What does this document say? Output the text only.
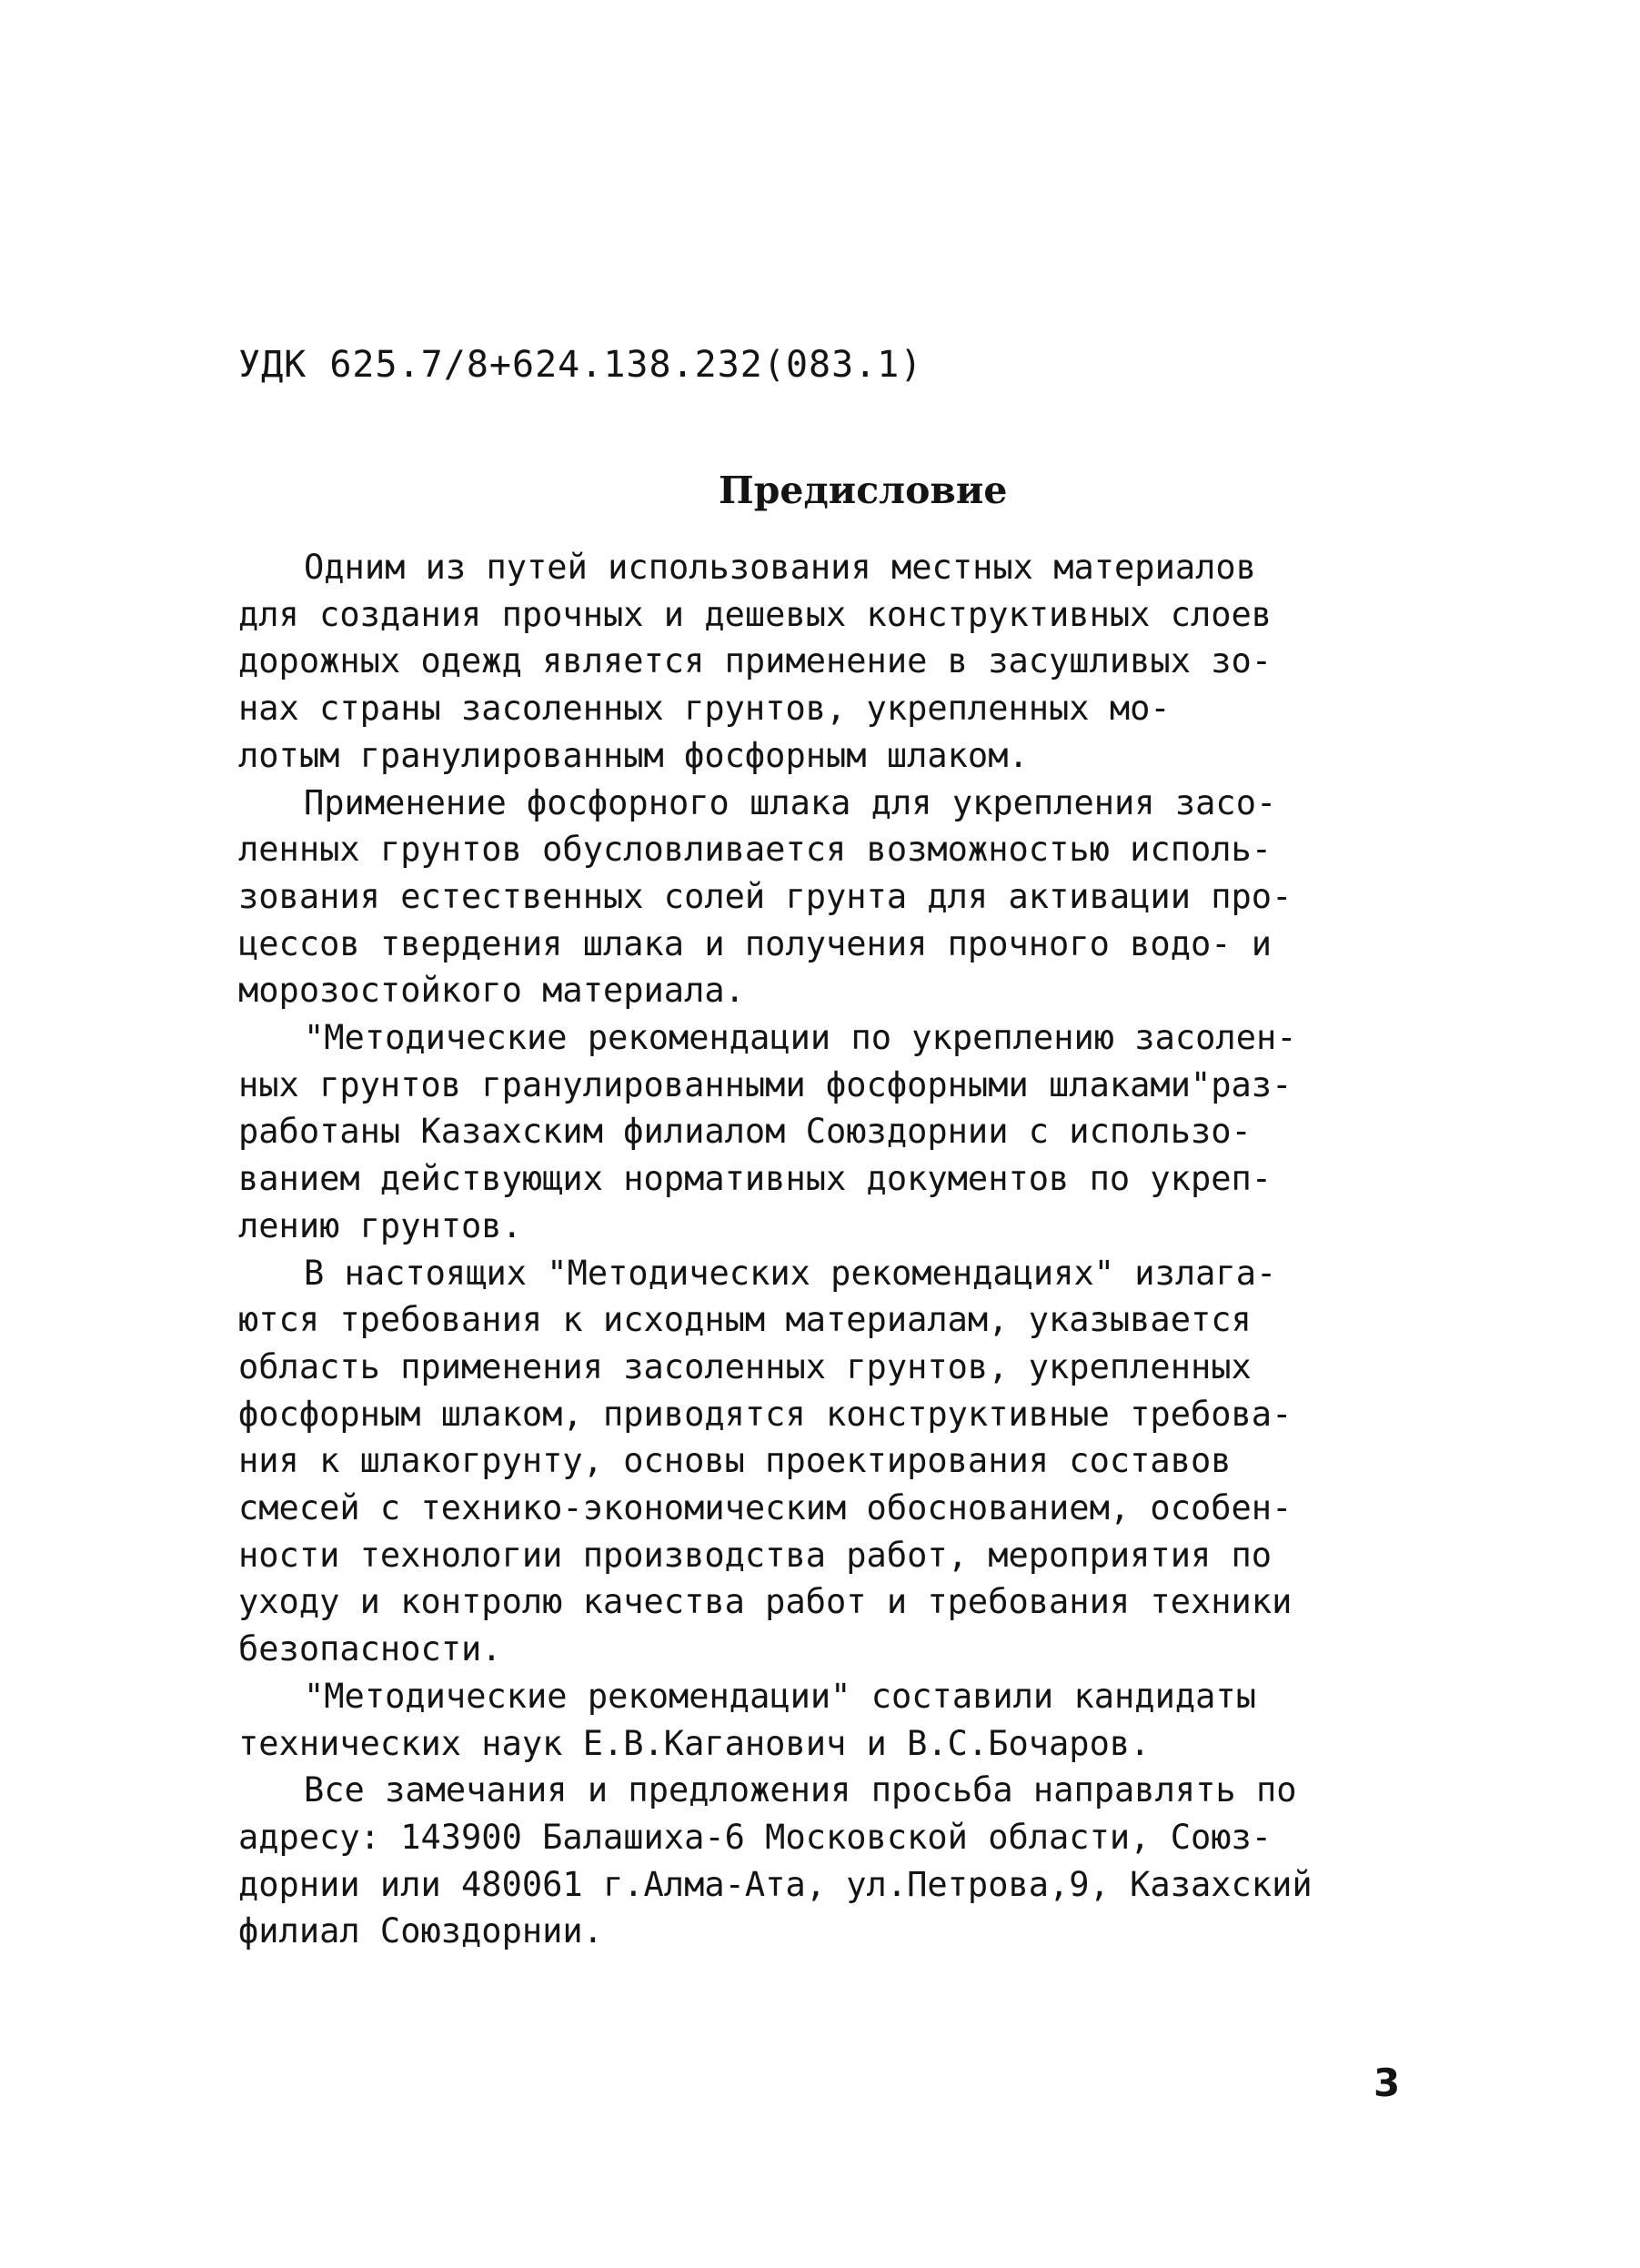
УДК 625.7/8+624.138.232(083.1)
Предисловие

Одним из путей использования местных материалов
для создания прочных и дешевых конструктивных слоев
дорожных одежд является применение в засушливых зо-
нах страны засоленных грунтов, укрепленных мо-
лотым гранулированным фосфорным шлаком.

Применение фосфорного шлака для укрепления засо-
ленных грунтов обусловливается возможностью исполь-
зования естественных солей грунта для активации про-
цессов твердения шлака и получения прочного водо- и
морозостойкого материала.

"Методические рекомендации по укреплению засолен-
ных грунтов гранулированными фосфорными шлаками"раз-
работаны Казахским филиалом Союздорнии с использо-
ванием действующих нормативных документов по укреп-
лению грунтов.

В настоящих "Методических рекомендациях" излага-
ются требования к исходным материалам, указывается
область применения засоленных грунтов, укрепленных
фосфорным шлаком, приводятся конструктивные требова-
ния к шлакогрунту, основы проектирования составов
смесей с технико-экономическим обоснованием, особен-
ности технологии производства работ, мероприятия по
уходу и контролю качества работ и требования техники
безопасности.

"Методические рекомендации" составили кандидаты
технических наук Е.В.Каганович и В.С.Бочаров.

Все замечания и предложения просьба направлять по
адресу: 143900 Балашиха-6 Московской области, Союз-
дорнии или 480061 г.Алма-Ата, ул.Петрова,9, Казахский
филиал Союздорнии.

3
